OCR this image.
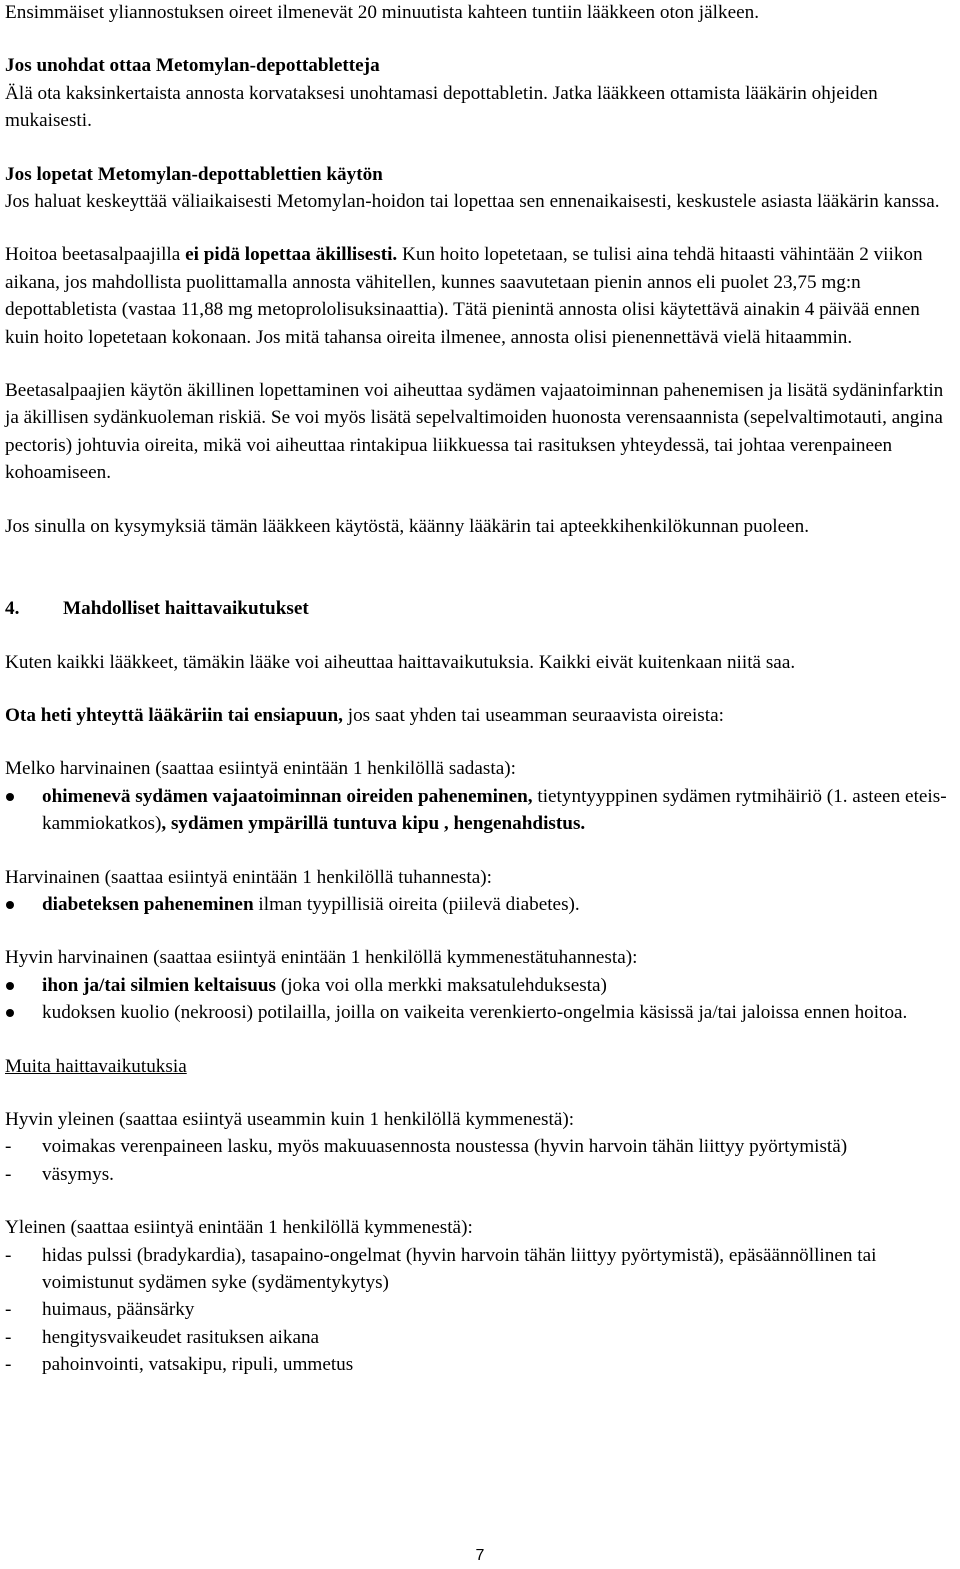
Ensimmäiset yliannostuksen oireet ilmenevät 20 minuutista kahteen tuntiin lääkkeen oton jälkeen.

Jos unohdat ottaa Metomylan-depottabletteja

Älä ota kaksinkertaista annosta korvataksesi unohtamasi depottabletin. Jatka lääkkeen ottamista lääkärin ohjeiden mukaisesti.

Jos lopetat Metomylan-depottablettien käytön

Jos haluat keskeyttää väliaikaisesti Metomylan-hoidon tai lopettaa sen ennenaikaisesti, keskustele asiasta lääkärin kanssa.

Hoitoa beetasalpaajilla ei pidä lopettaa äkillisesti. Kun hoito lopetetaan, se tulisi aina tehdä hitaasti vähintään 2 viikon aikana, jos mahdollista puolittamalla annosta vähitellen, kunnes saavutetaan pienin annos eli puolet 23,75 mg:n depottabletista (vastaa 11,88 mg metoprololisuksinaattia). Tätä pienintä annosta olisi käytettävä ainakin 4 päivää ennen kuin hoito lopetetaan kokonaan. Jos mitä tahansa oireita ilmenee, annosta olisi pienennettävä vielä hitaammin.

Beetasalpaajien käytön äkillinen lopettaminen voi aiheuttaa sydämen vajaatoiminnan pahenemisen ja lisätä sydäninfarktin ja äkillisen sydänkuoleman riskiä. Se voi myös lisätä sepelvaltimoiden huonosta verensaannista (sepelvaltimotauti, angina pectoris) johtuvia oireita, mikä voi aiheuttaa rintakipua liikkuessa tai rasituksen yhteydessä, tai johtaa verenpaineen kohoamiseen.

Jos sinulla on kysymyksiä tämän lääkkeen käytöstä, käänny lääkärin tai apteekkihenkilökunnan puoleen.

4. Mahdolliset haittavaikutukset

Kuten kaikki lääkkeet, tämäkin lääke voi aiheuttaa haittavaikutuksia. Kaikki eivät kuitenkaan niitä saa.

Ota heti yhteyttä lääkäriin tai ensiapuun, jos saat yhden tai useamman seuraavista oireista:

Melko harvinainen (saattaa esiintyä enintään 1 henkilöllä sadasta):

ohimenevä sydämen vajaatoiminnan oireiden paheneminen, tietyntyyppinen sydämen rytmihäiriö (1. asteen eteis-kammiokatkos), sydämen ympärillä tuntuva kipu , hengenahdistus.

Harvinainen (saattaa esiintyä enintään 1 henkilöllä tuhannesta):

diabeteksen paheneminen ilman tyypillisiä oireita (piilevä diabetes).

Hyvin harvinainen (saattaa esiintyä enintään 1 henkilöllä kymmenestätuhannesta):

ihon ja/tai silmien keltaisuus (joka voi olla merkki maksatulehduksesta)
kudoksen kuolio (nekroosi) potilailla, joilla on vaikeita verenkierto-ongelmia käsissä ja/tai jaloissa ennen hoitoa.

Muita haittavaikutuksia

Hyvin yleinen (saattaa esiintyä useammin kuin 1 henkilöllä kymmenestä):

- voimakas verenpaineen lasku, myös makuuasennosta noustessa (hyvin harvoin tähän liittyy pyörtymistä)
- väsymys.

Yleinen (saattaa esiintyä enintään 1 henkilöllä kymmenestä):

- hidas pulssi (bradykardia), tasapaino-ongelmat (hyvin harvoin tähän liittyy pyörtymistä), epäsäännöllinen tai voimistunut sydämen syke (sydämentykytys)
- huimaus, päänsärky
- hengitysvaikeudet rasituksen aikana
- pahoinvointi, vatsakipu, ripuli, ummetus
7
